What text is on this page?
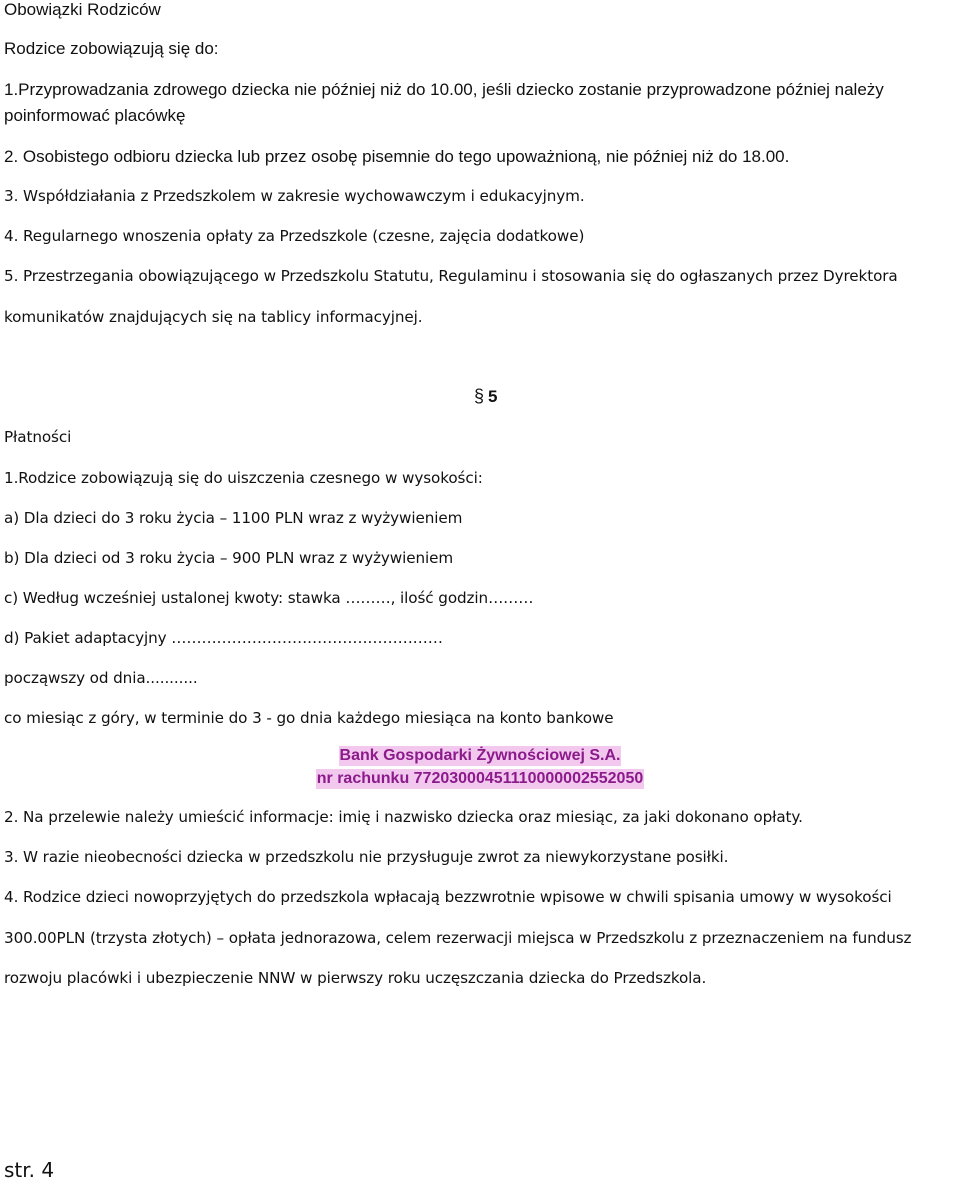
Obowiązki Rodziców

Rodzice zobowiązują się do:

1.Przyprowadzania zdrowego dziecka nie później niż do 10.00, jeśli dziecko zostanie przyprowadzone później należy

poinformować placówkę

2. Osobistego odbioru dziecka lub przez osobę pisemnie do tego upoważnioną, nie później niż do 18.00.

3. Współdziałania z Przedszkolem w zakresie wychowawczym i edukacyjnym.

4. Regularnego wnoszenia opłaty za Przedszkole (czesne, zajęcia dodatkowe)

5. Przestrzegania obowiązującego w Przedszkolu Statutu, Regulaminu i stosowania się do ogłaszanych przez Dyrektora

komunikatów znajdujących się na tablicy informacyjnej.

§ 5

Płatności

1.Rodzice zobowiązują się do uiszczenia czesnego w wysokości:

a) Dla dzieci do 3 roku życia – 1100 PLN wraz z wyżywieniem

b) Dla dzieci od 3 roku życia – 900 PLN wraz z wyżywieniem

c) Według wcześniej ustalonej kwoty: stawka ………, ilość godzin………

d) Pakiet adaptacyjny ………………………………………………

począwszy od dnia...........

co miesiąc z góry, w terminie do 3 - go dnia każdego miesiąca na konto bankowe

Bank Gospodarki Żywnościowej S.A.
nr rachunku 77203000451110000002552050

2. Na przelewie należy umieścić informacje: imię i nazwisko dziecka oraz miesiąc, za jaki dokonano opłaty.

3. W razie nieobecności dziecka w przedszkolu nie przysługuje zwrot za niewykorzystane posiłki.

4. Rodzice dzieci nowoprzyjętych do przedszkola wpłacają bezzwrotnie wpisowe w chwili spisania umowy w wysokości

300.00PLN (trzysta złotych) – opłata jednorazowa, celem rezerwacji miejsca w Przedszkolu z przeznaczeniem na fundusz

rozwoju placówki i ubezpieczenie NNW w pierwszy roku uczęszczania dziecka do Przedszkola.

str. 4
